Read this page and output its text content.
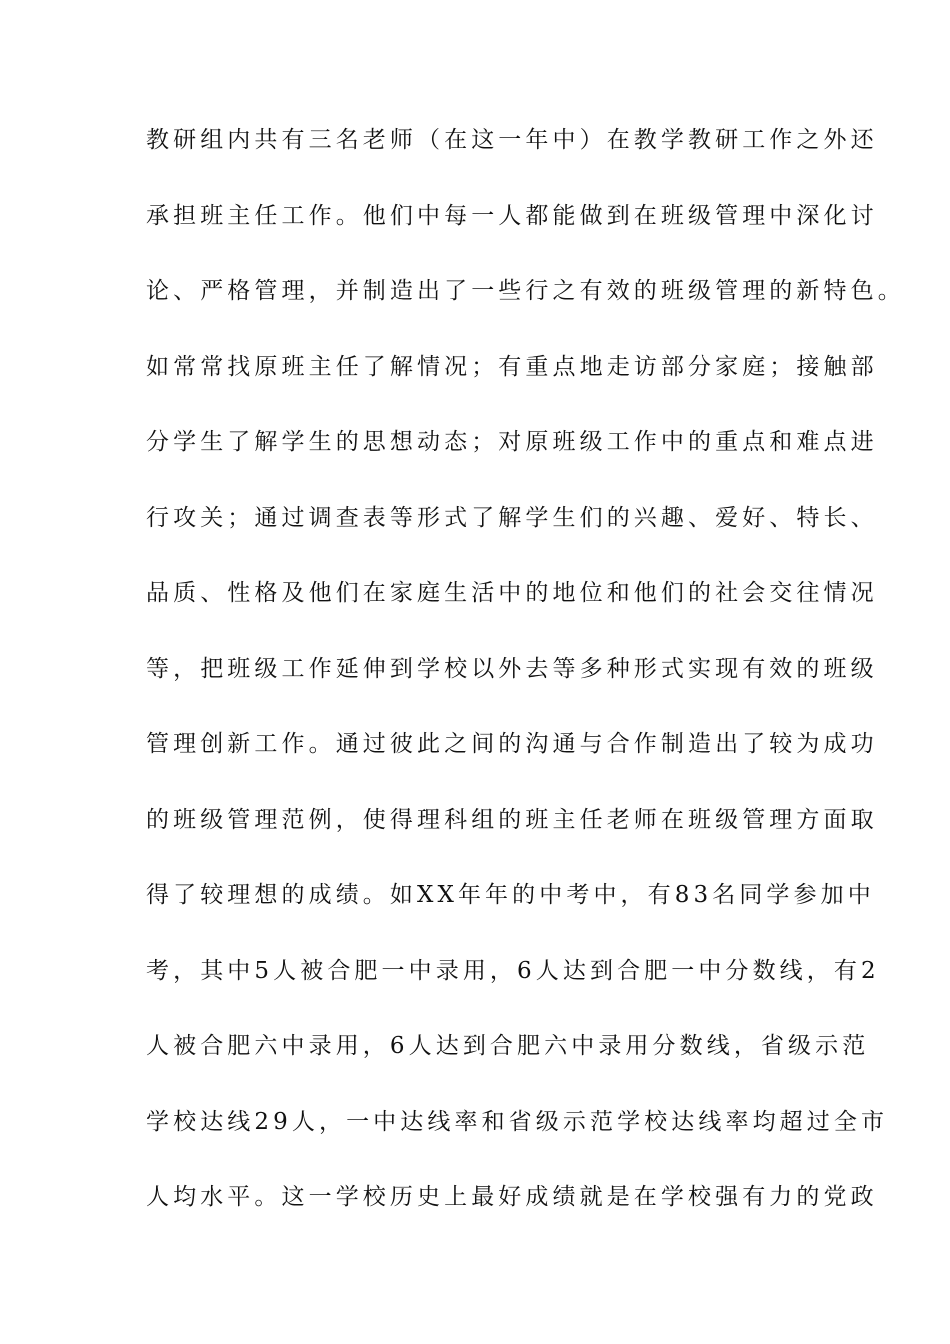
教研组内共有三名老师（在这一年中）在教学教研工作之外还
承担班主任工作。他们中每一人都能做到在班级管理中深化讨
论、严格管理，并制造出了一些行之有效的班级管理的新特色。
如常常找原班主任了解情况；有重点地走访部分家庭；接触部
分学生了解学生的思想动态；对原班级工作中的重点和难点进
行攻关；通过调查表等形式了解学生们的兴趣、爱好、特长、
品质、性格及他们在家庭生活中的地位和他们的社会交往情况
等，把班级工作延伸到学校以外去等多种形式实现有效的班级
管理创新工作。通过彼此之间的沟通与合作制造出了较为成功
的班级管理范例，使得理科组的班主任老师在班级管理方面取
得了较理想的成绩。如XX年年的中考中，有83名同学参加中
考，其中5人被合肥一中录用，6人达到合肥一中分数线，有2
人被合肥六中录用，6人达到合肥六中录用分数线，省级示范
学校达线29人，一中达线率和省级示范学校达线率均超过全市
人均水平。这一学校历史上最好成绩就是在学校强有力的党政
